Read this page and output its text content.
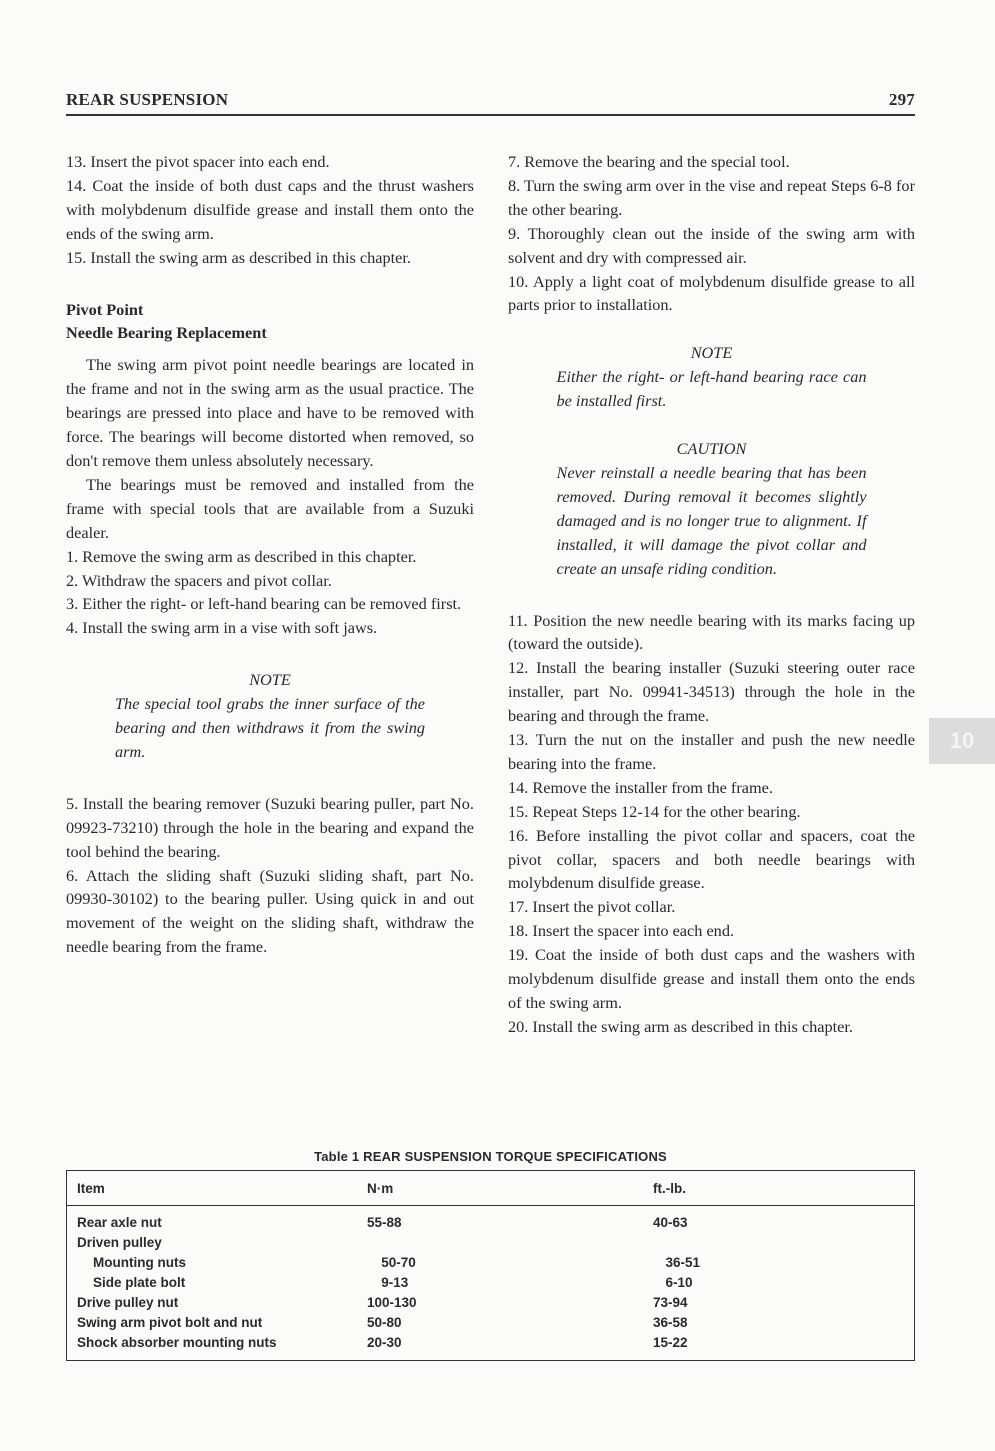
REAR SUSPENSION	297

13. Insert the pivot spacer into each end.

14. Coat the inside of both dust caps and the thrust washers with molybdenum disulfide grease and install them onto the ends of the swing arm.

15. Install the swing arm as described in this chapter.

Pivot Point

Needle Bearing Replacement

The swing arm pivot point needle bearings are located in the frame and not in the swing arm as the usual practice. The bearings are pressed into place and have to be removed with force. The bearings will become distorted when removed, so don't remove them unless absolutely necessary.

The bearings must be removed and installed from the frame with special tools that are available from a Suzuki dealer.

1. Remove the swing arm as described in this chapter.

2. Withdraw the spacers and pivot collar.

3. Either the right- or left-hand bearing can be removed first.

4. Install the swing arm in a vise with soft jaws.

NOTE
The special tool grabs the inner surface of the bearing and then withdraws it from the swing arm.

5. Install the bearing remover (Suzuki bearing puller, part No. 09923-73210) through the hole in the bearing and expand the tool behind the bearing.

6. Attach the sliding shaft (Suzuki sliding shaft, part No. 09930-30102) to the bearing puller. Using quick in and out movement of the weight on the sliding shaft, withdraw the needle bearing from the frame.

7. Remove the bearing and the special tool.

8. Turn the swing arm over in the vise and repeat Steps 6-8 for the other bearing.

9. Thoroughly clean out the inside of the swing arm with solvent and dry with compressed air.

10. Apply a light coat of molybdenum disulfide grease to all parts prior to installation.

NOTE
Either the right- or left-hand bearing race can be installed first.
CAUTION
Never reinstall a needle bearing that has been removed. During removal it becomes slightly damaged and is no longer true to alignment. If installed, it will damage the pivot collar and create an unsafe riding condition.

11. Position the new needle bearing with its marks facing up (toward the outside).

12. Install the bearing installer (Suzuki steering outer race installer, part No. 09941-34513) through the hole in the bearing and through the frame.

13. Turn the nut on the installer and push the new needle bearing into the frame.

14. Remove the installer from the frame.

15. Repeat Steps 12-14 for the other bearing.

16. Before installing the pivot collar and spacers, coat the pivot collar, spacers and both needle bearings with molybdenum disulfide grease.

17. Insert the pivot collar.

18. Insert the spacer into each end.

19. Coat the inside of both dust caps and the washers with molybdenum disulfide grease and install them onto the ends of the swing arm.

20. Install the swing arm as described in this chapter.

10
Table 1 REAR SUSPENSION TORQUE SPECIFICATIONS
Item	N·m	ft.-lb.
Rear axle nut	55-88	40-63
Driven pulley
Mounting nuts	50-70	36-51
Side plate bolt	9-13	6-10
Drive pulley nut	100-130	73-94
Swing arm pivot bolt and nut	50-80	36-58
Shock absorber mounting nuts	20-30	15-22
